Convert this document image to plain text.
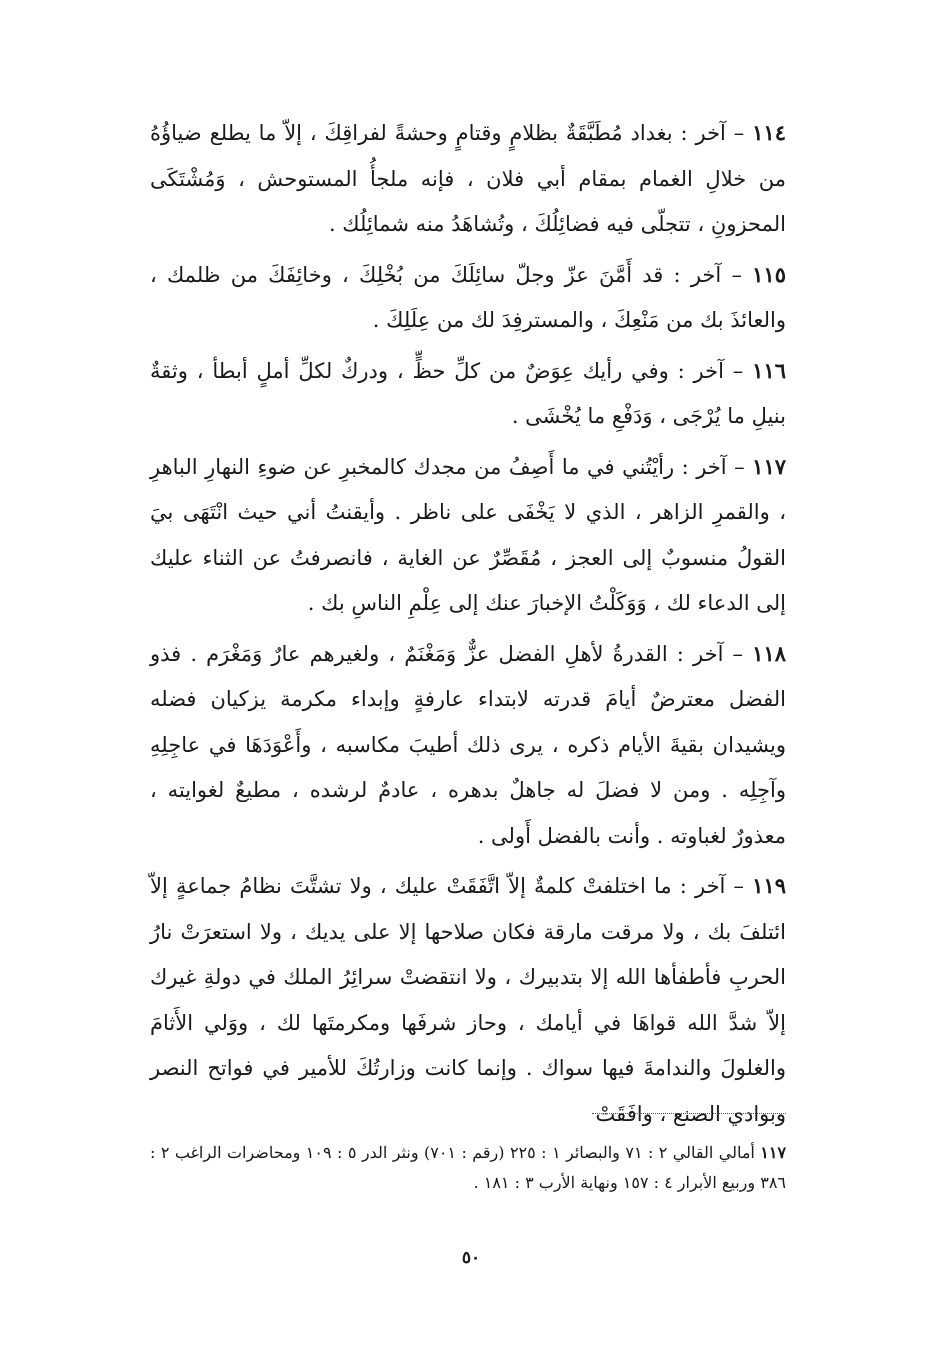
١١٤ – آخر : بغداد مُطَبَّقَةٌ بظلامٍ وقتامٍ وحشةً لفراقِكَ ، إلاّ ما يطلع ضياؤُهُ من خلالِ الغمام بمقام أبي فلان ، فإنه ملجأُ المستوحش ، وَمُشْتَكَى المحزونِ ، تتجلّى فيه فضائِلُكَ ، وتُشاهَدُ منه شمائِلُك .

١١٥ – آخر : قد أَمَّنَ عزّ وجلّ سائِلَكَ من بُخْلِكَ ، وخائِفَكَ من ظلمك ، والعائذَ بك من مَنْعِكَ ، والمسترفِدَ لك من عِلَلِكَ .

١١٦ – آخر : وفي رأيك عِوَضٌ من كلِّ حظٍّ ، ودركٌ لكلِّ أملٍ أبطأ ، وثقةٌ بنيلِ ما يُرْجَى ، وَدَفْعِ ما يُخْشَى .

١١٧ – آخر : رأيْتُني في ما أَصِفُ من مجدك كالمخبرِ عن ضوءِ النهارِ الباهرِ ، والقمرِ الزاهر ، الذي لا يَخْفَى على ناظر . وأيقنتُ أني حيث انْتَهَى بيَ القولُ منسوبٌ إلى العجز ، مُقَصِّرٌ عن الغاية ، فانصرفتُ عن الثناء عليك إلى الدعاء لك ، وَوَكَلْتُ الإخبارَ عنك إلى عِلْمِ الناسِ بك .

١١٨ – آخر : القدرةُ لأهلِ الفضل عزٌّ وَمَغْنَمٌ ، ولغيرهم عارٌ وَمَغْرَم . فذو الفضل معترضٌ أيامَ قدرته لابتداء عارفةٍ وإبداء مكرمة يزكيان فضله ويشيدان بقيةَ الأيام ذكره ، يرى ذلك أطيبَ مكاسبه ، وأَعْوَدَهَا في عاجِلِهِ وآجِلِه . ومن لا فضلَ له جاهلٌ بدهره ، عادمٌ لرشده ، مطيعٌ لغوايته ، معذورٌ لغباوته . وأنت بالفضل أَولى .

١١٩ – آخر : ما اختلفتْ كلمةٌ إلاّ اتَّفَقَتْ عليك ، ولا تشتَّتَ نظامُ جماعةٍ إلاّ ائتلفَ بك ، ولا مرقت مارقة فكان صلاحها إلا على يديك ، ولا استعرَتْ نارُ الحربِ فأطفأها الله إلا بتدبيرك ، ولا انتقضتْ سرائِرُ الملك في دولةِ غيرك إلاّ شدَّ الله قواهَا في أيامك ، وحاز شرفَها ومكرمتَها لك ، ووَلي الأَثامَ والغلولَ والندامةَ فيها سواك . وإنما كانت وزارتُكَ للأمير في فواتح النصر وبوادي الصنع ، وافَقَتْ

١١٧ أمالي القالي ٢ : ٧١ والبصائر ١ : ٢٢٥ (رقم : ٧٠١) ونثر الدر ٥ : ١٠٩ ومحاضرات الراغب ٢ : ٣٨٦ وربيع الأبرار ٤ : ١٥٧ ونهاية الأرب ٣ : ١٨١ .
٥٠
